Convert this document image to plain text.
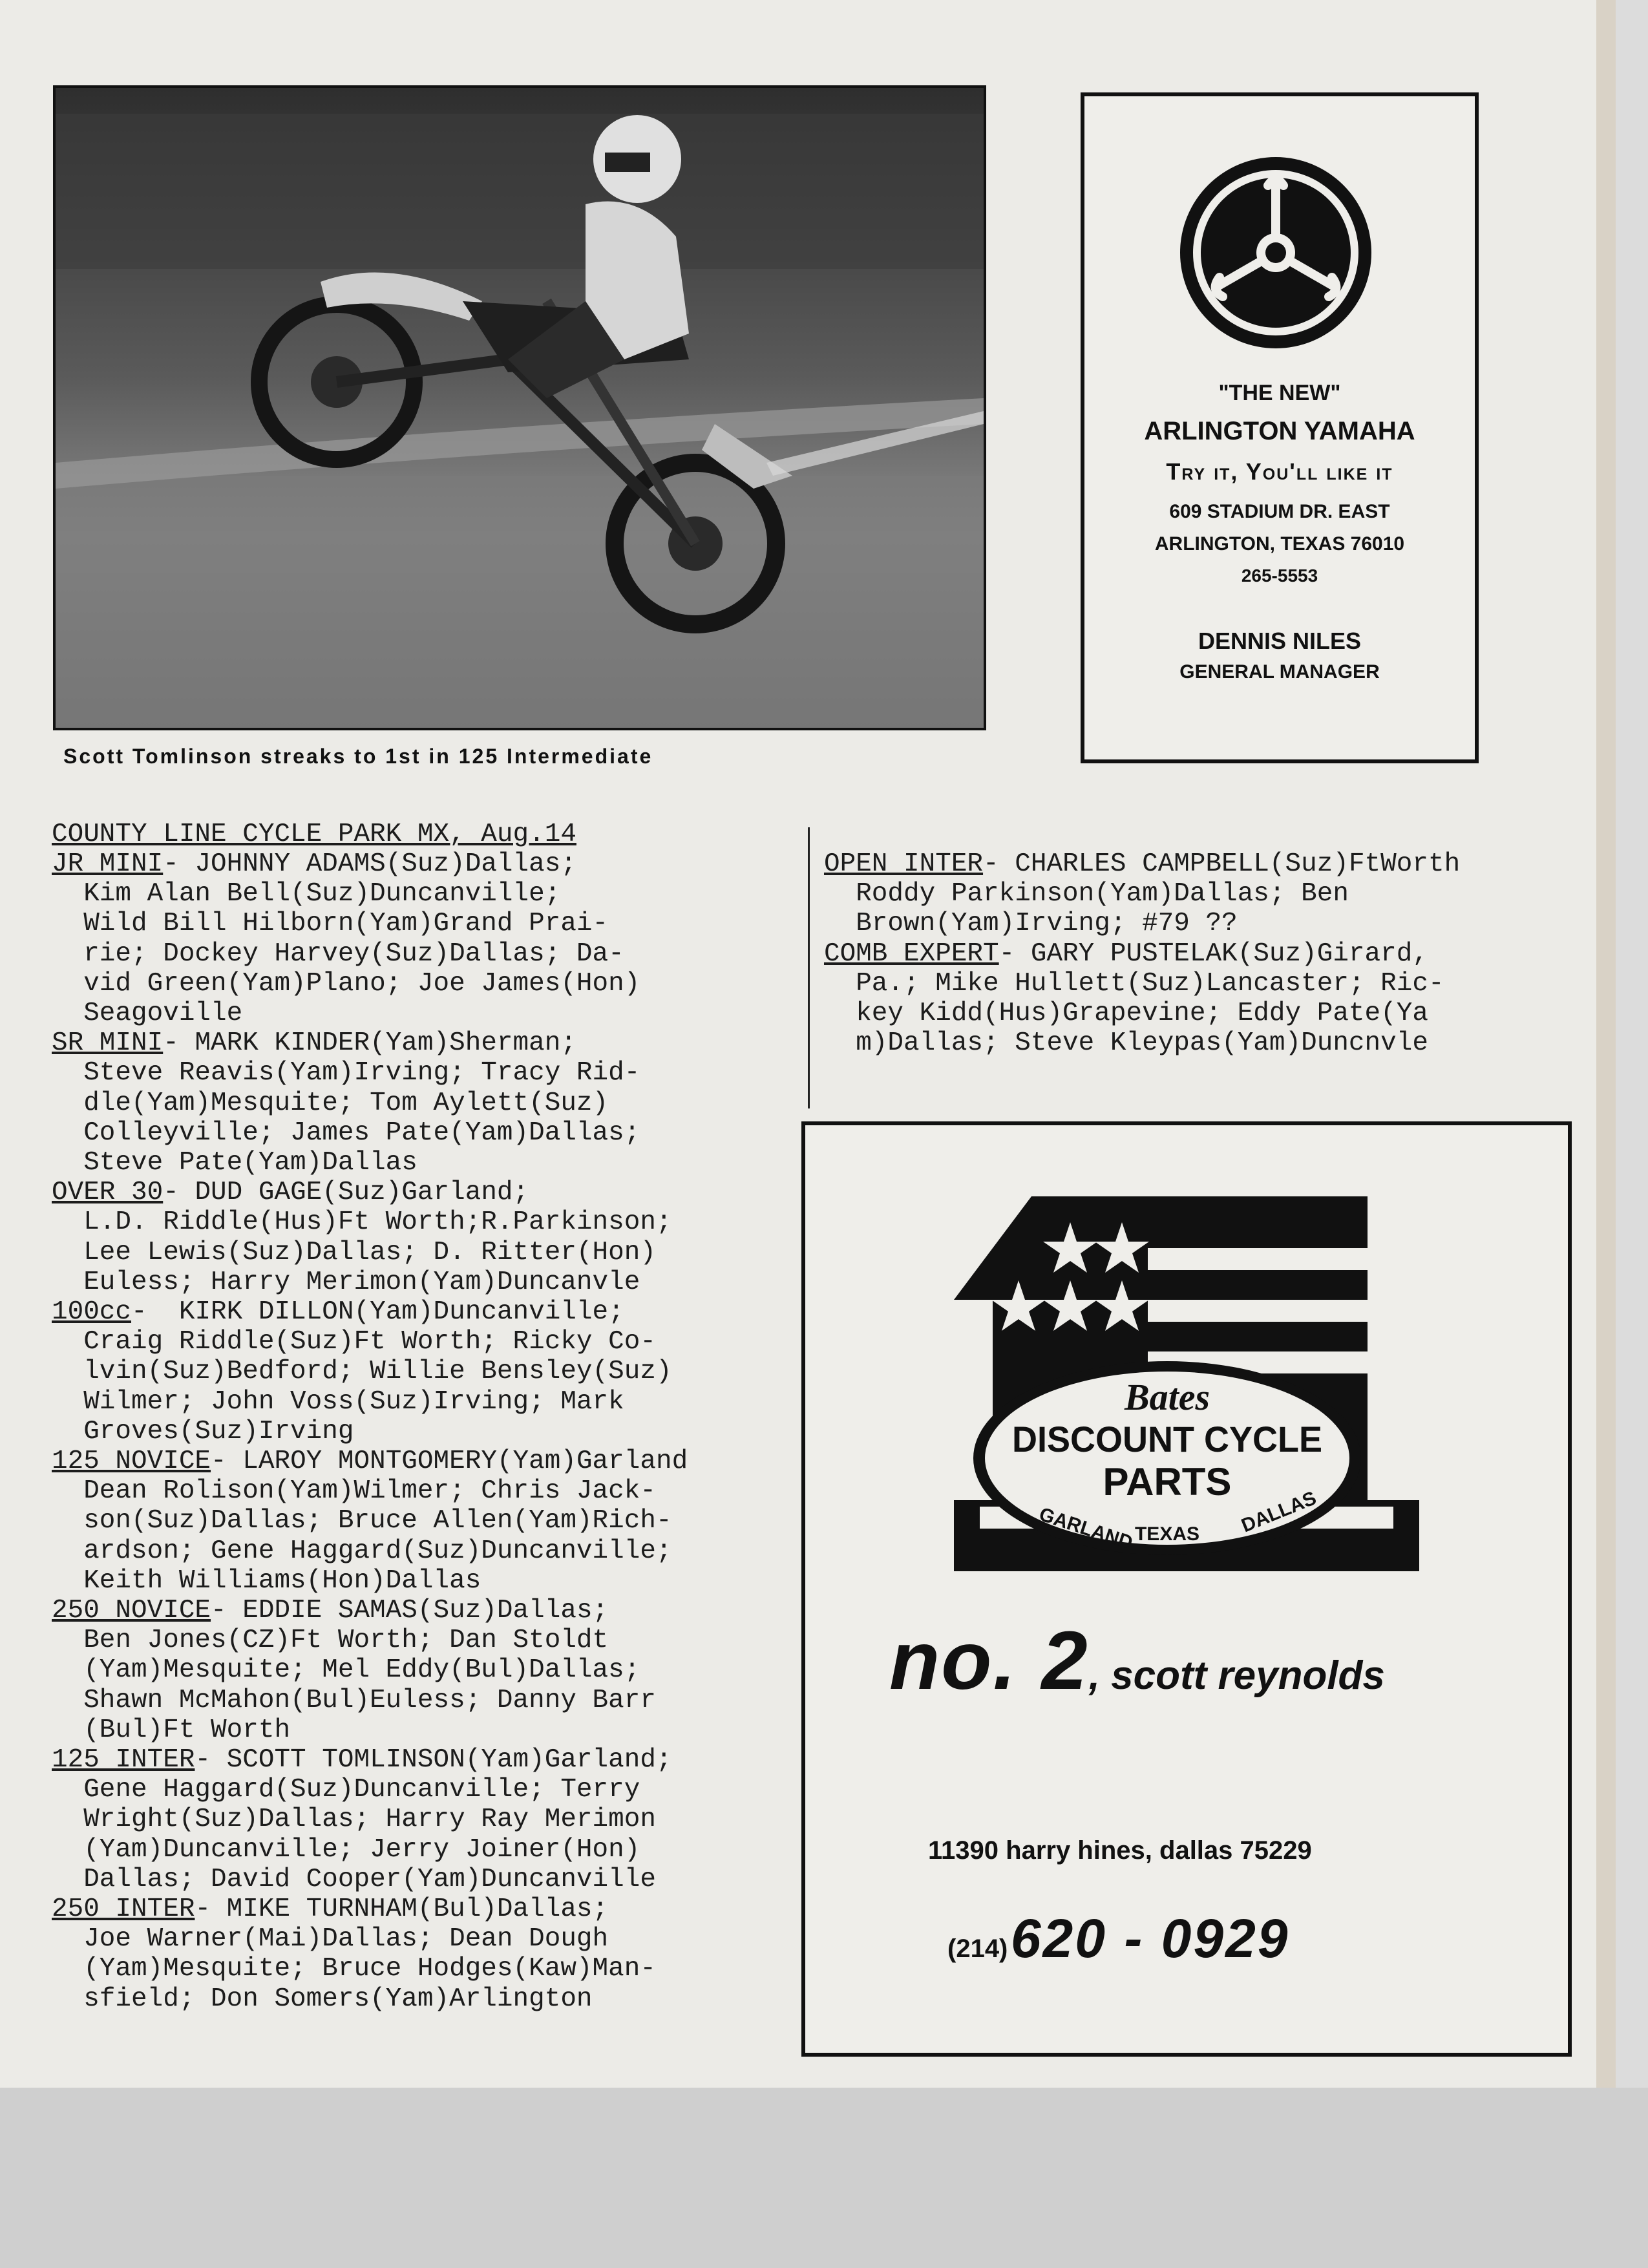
Scott Tomlinson streaks to 1st in 125 Intermediate
"THE NEW"
ARLINGTON YAMAHA
Try it, You'll like it
609 STADIUM DR. EAST
ARLINGTON, TEXAS 76010
265-5553
DENNIS NILES
GENERAL MANAGER
COUNTY LINE CYCLE PARK MX, Aug.14
JR MINI- JOHNNY ADAMS(Suz)Dallas;
Kim Alan Bell(Suz)Duncanville;
Wild Bill Hilborn(Yam)Grand Prai-
rie; Dockey Harvey(Suz)Dallas; Da-
vid Green(Yam)Plano; Joe James(Hon)
Seagoville
SR MINI- MARK KINDER(Yam)Sherman;
Steve Reavis(Yam)Irving; Tracy Rid-
dle(Yam)Mesquite; Tom Aylett(Suz)
Colleyville; James Pate(Yam)Dallas;
Steve Pate(Yam)Dallas
OVER 30- DUD GAGE(Suz)Garland;
L.D. Riddle(Hus)Ft Worth;R.Parkinson;
Lee Lewis(Suz)Dallas; D. Ritter(Hon)
Euless; Harry Merimon(Yam)Duncanvle
100cc-  KIRK DILLON(Yam)Duncanville;
Craig Riddle(Suz)Ft Worth; Ricky Co-
lvin(Suz)Bedford; Willie Bensley(Suz)
Wilmer; John Voss(Suz)Irving; Mark
Groves(Suz)Irving
125 NOVICE- LAROY MONTGOMERY(Yam)Garland
Dean Rolison(Yam)Wilmer; Chris Jack-
son(Suz)Dallas; Bruce Allen(Yam)Rich-
ardson; Gene Haggard(Suz)Duncanville;
Keith Williams(Hon)Dallas
250 NOVICE- EDDIE SAMAS(Suz)Dallas;
Ben Jones(CZ)Ft Worth; Dan Stoldt
(Yam)Mesquite; Mel Eddy(Bul)Dallas;
Shawn McMahon(Bul)Euless; Danny Barr
(Bul)Ft Worth
125 INTER- SCOTT TOMLINSON(Yam)Garland;
Gene Haggard(Suz)Duncanville; Terry
Wright(Suz)Dallas; Harry Ray Merimon
(Yam)Duncanville; Jerry Joiner(Hon)
Dallas; David Cooper(Yam)Duncanville
250 INTER- MIKE TURNHAM(Bul)Dallas;
Joe Warner(Mai)Dallas; Dean Dough
(Yam)Mesquite; Bruce Hodges(Kaw)Man-
sfield; Don Somers(Yam)Arlington
OPEN INTER- CHARLES CAMPBELL(Suz)FtWorth
Roddy Parkinson(Yam)Dallas; Ben
Brown(Yam)Irving; #79 ??
COMB EXPERT- GARY PUSTELAK(Suz)Girard,
Pa.; Mike Hullett(Suz)Lancaster; Ric-
key Kidd(Hus)Grapevine; Eddy Pate(Ya
m)Dallas; Steve Kleypas(Yam)Duncnvle
Bates
DISCOUNT CYCLE
PARTS
GARLAND TEXAS DALLAS
no. 2, scott reynolds
11390 harry hines, dallas 75229
(214) 620 - 0929
